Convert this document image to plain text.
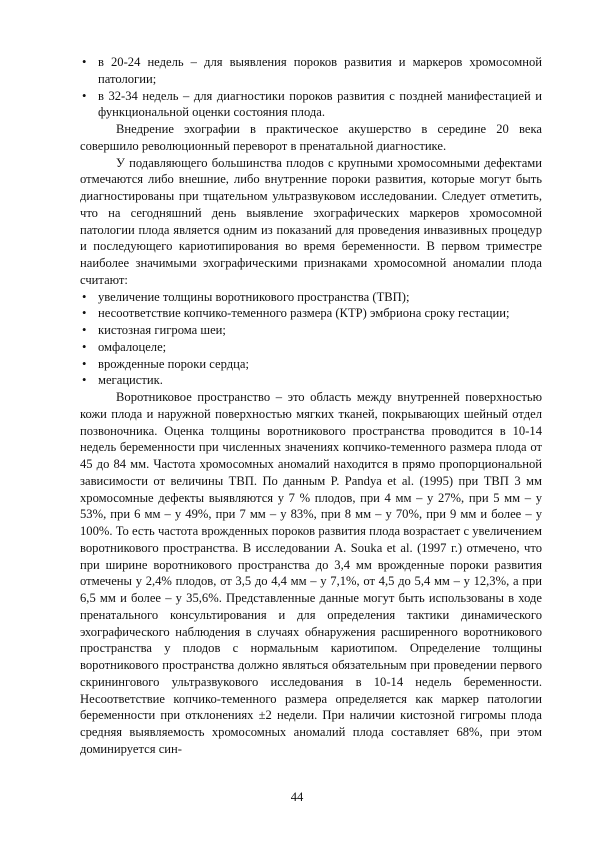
• в 20-24 недель – для выявления пороков развития и маркеров хромосомной патологии;

• в 32-34 недель – для диагностики пороков развития с поздней манифестацией и функциональной оценки состояния плода.

Внедрение эхографии в практическое акушерство в середине 20 века совершило революционный переворот в пренатальной диагностике.

У подавляющего большинства плодов с крупными хромосомными дефектами отмечаются либо внешние, либо внутренние пороки развития, которые могут быть диагностированы при тщательном ультразвуковом исследовании. Следует отметить, что на сегодняшний день выявление эхографических маркеров хромосомной патологии плода является одним из показаний для проведения инвазивных процедур и последующего кариотипирования во время беременности. В первом триместре наиболее значимыми эхографическими признаками хромосомной аномалии плода считают:

• увеличение толщины воротникового пространства (ТВП);

• несоответствие копчико-теменного размера (КТР) эмбриона сроку гестации;

• кистозная гигрома шеи;

• омфалоцеле;

• врожденные пороки сердца;

• мегацистик.

Воротниковое пространство – это область между внутренней поверхностью кожи плода и наружной поверхностью мягких тканей, покрывающих шейный отдел позвоночника. Оценка толщины воротникового пространства проводится в 10-14 недель беременности при численных значениях копчико-теменного размера плода от 45 до 84 мм. Частота хромосомных аномалий находится в прямо пропорциональной зависимости от величины ТВП. По данным P. Pandya et al. (1995) при ТВП 3 мм хромосомные дефекты выявляются у 7 % плодов, при 4 мм – у 27%, при 5 мм – у 53%, при 6 мм – у 49%, при 7 мм – у 83%, при 8 мм – у 70%, при 9 мм и более – у 100%. То есть частота врожденных пороков развития плода возрастает с увеличением воротникового пространства. В исследовании A. Souka et al. (1997 г.) отмечено, что при ширине воротникового пространства до 3,4 мм врожденные пороки развития отмечены у 2,4% плодов, от 3,5 до 4,4 мм – у 7,1%, от 4,5 до 5,4 мм – у 12,3%, а при 6,5 мм и более – у 35,6%. Представленные данные могут быть использованы в ходе пренатального консультирования и для определения тактики динамического эхографического наблюдения в случаях обнаружения расширенного воротникового пространства у плодов с нормальным кариотипом. Определение толщины воротникового пространства должно являться обязательным при проведении первого скринингового ультразвукового исследования в 10-14 недель беременности. Несоответствие копчико-теменного размера определяется как маркер патологии беременности при отклонениях ±2 недели. При наличии кистозной гигромы плода средняя выявляемость хромосомных аномалий плода составляет 68%, при этом доминируется син-

44
